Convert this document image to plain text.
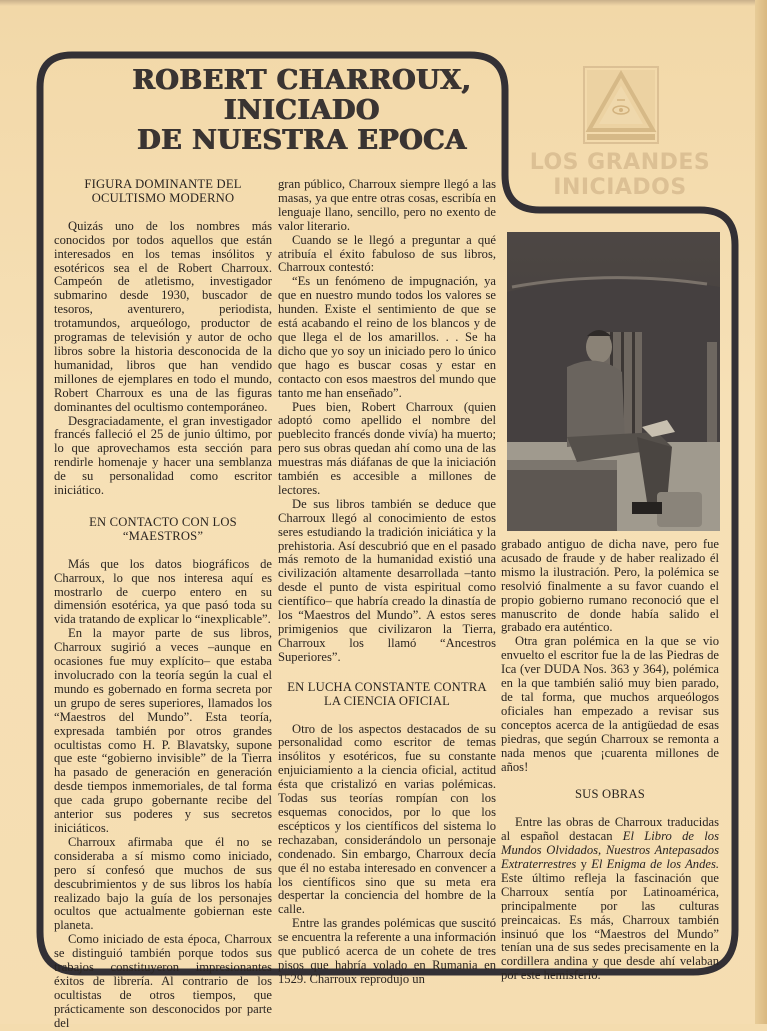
ROBERT CHARROUX,
INICIADO
DE NUESTRA EPOCA
LOS GRANDES
INICIADOS
FIGURA DOMINANTE DEL
OCULTISMO MODERNO

Quizás uno de los nombres más conocidos por todos aquellos que están interesados en los temas insólitos y esotéricos sea el de Robert Charroux. Campeón de atletismo, investigador submarino desde 1930, buscador de tesoros, aventurero, periodista, trotamundos, arqueólogo, productor de programas de televisión y autor de ocho libros sobre la historia desconocida de la humanidad, libros que han vendido millones de ejemplares en todo el mundo, Robert Charroux es una de las figuras dominantes del ocultismo contemporáneo.

Desgraciadamente, el gran investigador francés falleció el 25 de junio último, por lo que aprovechamos esta sección para rendirle homenaje y hacer una semblanza de su personalidad como escritor iniciático.

EN CONTACTO CON LOS
“MAESTROS”

Más que los datos biográficos de Charroux, lo que nos interesa aquí es mostrarlo de cuerpo entero en su dimensión esotérica, ya que pasó toda su vida tratando de explicar lo “inexplicable”.

En la mayor parte de sus libros, Charroux sugirió a veces –aunque en ocasiones fue muy explícito– que estaba involucrado con la teoría según la cual el mundo es gobernado en forma secreta por un grupo de seres superiores, llamados los “Maestros del Mundo”. Esta teoría, expresada también por otros grandes ocultistas como H. P. Blavatsky, supone que este “gobierno invisible” de la Tierra ha pasado de generación en generación desde tiempos inmemoriales, de tal forma que cada grupo gobernante recibe del anterior sus poderes y sus secretos iniciáticos.

Charroux afirmaba que él no se consideraba a sí mismo como iniciado, pero sí confesó que muchos de sus descubrimientos y de sus libros los había realizado bajo la guía de los personajes ocultos que actualmente gobiernan este planeta.

Como iniciado de esta época, Charroux se distinguió también porque todos sus trabajos constituyeron impresionantes éxitos de librería. Al contrario de los ocultistas de otros tiempos, que prácticamente son desconocidos por parte del

gran público, Charroux siempre llegó a las masas, ya que entre otras cosas, escribía en lenguaje llano, sencillo, pero no exento de valor literario.

Cuando se le llegó a preguntar a qué atribuía el éxito fabuloso de sus libros, Charroux contestó:

“Es un fenómeno de impugnación, ya que en nuestro mundo todos los valores se hunden. Existe el sentimiento de que se está acabando el reino de los blancos y de que llega el de los amarillos. . . Se ha dicho que yo soy un iniciado pero lo único que hago es buscar cosas y estar en contacto con esos maestros del mundo que tanto me han enseñado”.

Pues bien, Robert Charroux (quien adoptó como apellido el nombre del pueblecito francés donde vivía) ha muerto; pero sus obras quedan ahí como una de las muestras más diáfanas de que la iniciación también es accesible a millones de lectores.

De sus libros también se deduce que Charroux llegó al conocimiento de estos seres estudiando la tradición iniciática y la prehistoria. Así descubrió que en el pasado más remoto de la humanidad existió una civilización altamente desarrollada –tanto desde el punto de vista espiritual como científico– que habría creado la dinastía de los “Maestros del Mundo”. A estos seres primigenios que civilizaron la Tierra, Charroux los llamó “Ancestros Superiores”.

EN LUCHA CONSTANTE CONTRA
LA CIENCIA OFICIAL

Otro de los aspectos destacados de su personalidad como escritor de temas insólitos y esotéricos, fue su constante enjuiciamiento a la ciencia oficial, actitud ésta que cristalizó en varias polémicas. Todas sus teorías rompían con los esquemas conocidos, por lo que los escépticos y los científicos del sistema lo rechazaban, considerándolo un personaje condenado. Sin embargo, Charroux decía que él no estaba interesado en convencer a los científicos sino que su meta era despertar la conciencia del hombre de la calle.

Entre las grandes polémicas que suscitó se encuentra la referente a una información que publicó acerca de un cohete de tres pisos que habría volado en Rumania en 1529. Charroux reprodujo un

grabado antiguo de dicha nave, pero fue acusado de fraude y de haber realizado él mismo la ilustración. Pero, la polémica se resolvió finalmente a su favor cuando el propio gobierno rumano reconoció que el manuscrito de donde había salido el grabado era auténtico.

Otra gran polémica en la que se vio envuelto el escritor fue la de las Piedras de Ica (ver DUDA Nos. 363 y 364), polémica en la que también salió muy bien parado, de tal forma, que muchos arqueólogos oficiales han empezado a revisar sus conceptos acerca de la antigüedad de esas piedras, que según Charroux se remonta a nada menos que ¡cuarenta millones de años!

SUS OBRAS

Entre las obras de Charroux traducidas al español destacan El Libro de los Mundos Olvidados, Nuestros Antepasados Extraterrestres y El Enigma de los Andes. Este último refleja la fascinación que Charroux sentía por Latinoamérica, principalmente por las culturas preincaicas. Es más, Charroux también insinuó que los “Maestros del Mundo” tenían una de sus sedes precisamente en la cordillera andina y que desde ahí velaban por este hemisferio.
